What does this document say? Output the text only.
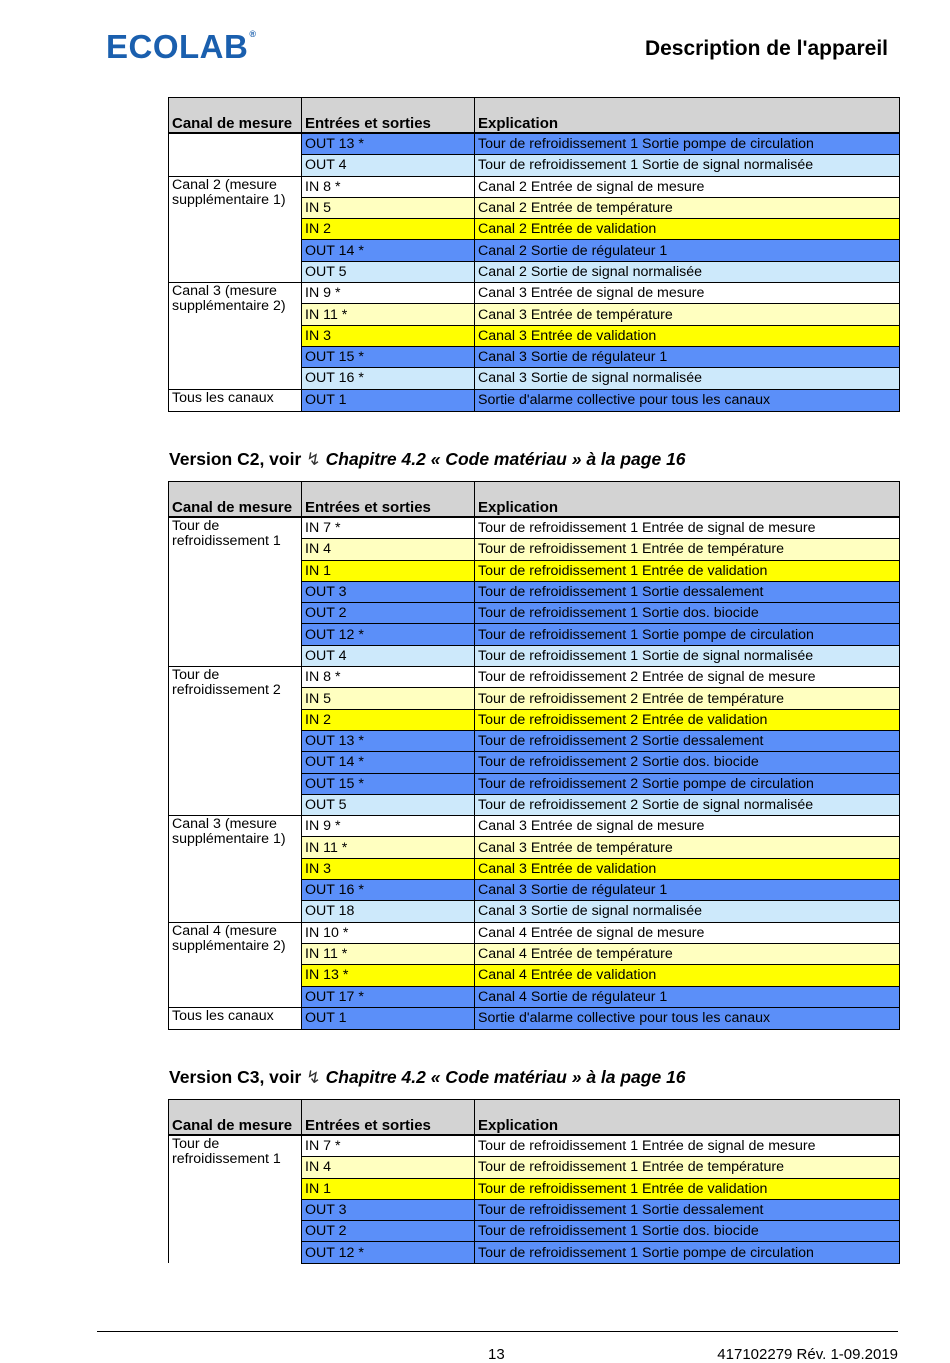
ECOLAB®
Description de l'appareil
Canal de mesure	Entrées et sorties	Explication
	OUT 13 *	Tour de refroidissement 1 Sortie pompe de circulation
	OUT 4	Tour de refroidissement 1 Sortie de signal normalisée
Canal 2 (mesure supplémentaire 1)	IN 8 *	Canal 2 Entrée de signal de mesure
	IN 5	Canal 2 Entrée de température
	IN 2	Canal 2 Entrée de validation
	OUT 14 *	Canal 2 Sortie de régulateur 1
	OUT 5	Canal 2 Sortie de signal normalisée
Canal 3 (mesure supplémentaire 2)	IN 9 *	Canal 3 Entrée de signal de mesure
	IN 11 *	Canal 3 Entrée de température
	IN 3	Canal 3 Entrée de validation
	OUT 15 *	Canal 3 Sortie de régulateur 1
	OUT 16 *	Canal 3 Sortie de signal normalisée
Tous les canaux	OUT 1	Sortie d'alarme collective pour tous les canaux
Version C2, voir ↯ Chapitre 4.2 « Code matériau » à la page 16
Canal de mesure	Entrées et sorties	Explication
Tour de refroidissement 1	IN 7 *	Tour de refroidissement 1 Entrée de signal de mesure
	IN 4	Tour de refroidissement 1 Entrée de température
	IN 1	Tour de refroidissement 1 Entrée de validation
	OUT 3	Tour de refroidissement 1 Sortie dessalement
	OUT 2	Tour de refroidissement 1 Sortie dos. biocide
	OUT 12 *	Tour de refroidissement 1 Sortie pompe de circulation
	OUT 4	Tour de refroidissement 1 Sortie de signal normalisée
Tour de refroidissement 2	IN 8 *	Tour de refroidissement 2 Entrée de signal de mesure
	IN 5	Tour de refroidissement 2 Entrée de température
	IN 2	Tour de refroidissement 2 Entrée de validation
	OUT 13 *	Tour de refroidissement 2 Sortie dessalement
	OUT 14 *	Tour de refroidissement 2 Sortie dos. biocide
	OUT 15 *	Tour de refroidissement 2 Sortie pompe de circulation
	OUT 5	Tour de refroidissement 2 Sortie de signal normalisée
Canal 3 (mesure supplémentaire 1)	IN 9 *	Canal 3 Entrée de signal de mesure
	IN 11 *	Canal 3 Entrée de température
	IN 3	Canal 3 Entrée de validation
	OUT 16 *	Canal 3 Sortie de régulateur 1
	OUT 18	Canal 3 Sortie de signal normalisée
Canal 4 (mesure supplémentaire 2)	IN 10 *	Canal 4 Entrée de signal de mesure
	IN 11 *	Canal 4 Entrée de température
	IN 13 *	Canal 4 Entrée de validation
	OUT 17 *	Canal 4 Sortie de régulateur 1
Tous les canaux	OUT 1	Sortie d'alarme collective pour tous les canaux
Version C3, voir ↯ Chapitre 4.2 « Code matériau » à la page 16
Canal de mesure	Entrées et sorties	Explication
Tour de refroidissement 1	IN 7 *	Tour de refroidissement 1 Entrée de signal de mesure
	IN 4	Tour de refroidissement 1 Entrée de température
	IN 1	Tour de refroidissement 1 Entrée de validation
	OUT 3	Tour de refroidissement 1 Sortie dessalement
	OUT 2	Tour de refroidissement 1 Sortie dos. biocide
	OUT 12 *	Tour de refroidissement 1 Sortie pompe de circulation
13	417102279 Rév. 1-09.2019
